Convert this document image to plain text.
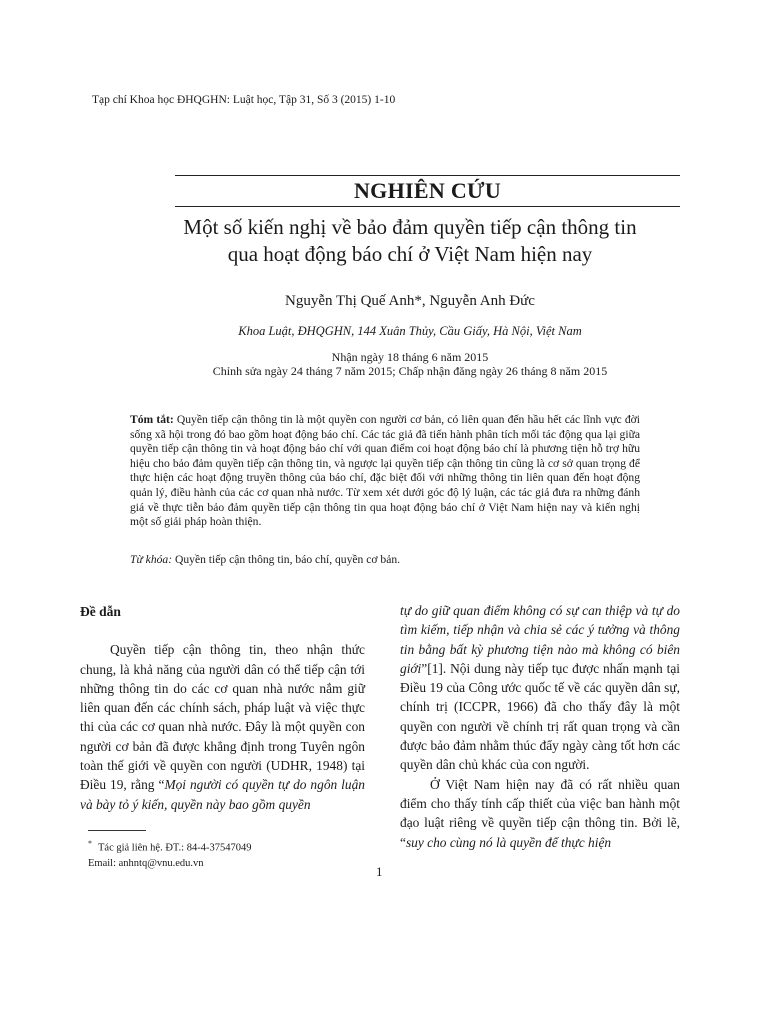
Tạp chí Khoa học ĐHQGHN: Luật học, Tập 31, Số 3 (2015) 1-10
NGHIÊN CỨU
Một số kiến nghị về bảo đảm quyền tiếp cận thông tin
qua hoạt động báo chí ở Việt Nam hiện nay
Nguyễn Thị Quế Anh*, Nguyễn Anh Đức
Khoa Luật, ĐHQGHN, 144 Xuân Thủy, Cầu Giấy, Hà Nội, Việt Nam
Nhận ngày 18 tháng 6 năm 2015
Chỉnh sửa ngày 24 tháng 7 năm 2015; Chấp nhận đăng ngày 26 tháng 8 năm 2015
Tóm tắt: Quyền tiếp cận thông tin là một quyền con người cơ bản, có liên quan đến hầu hết các lĩnh vực đời sống xã hội trong đó bao gồm hoạt động báo chí. Các tác giả đã tiến hành phân tích mối tác động qua lại giữa quyền tiếp cận thông tin và hoạt động báo chí với quan điểm coi hoạt động báo chí là phương tiện hỗ trợ hữu hiệu cho bảo đảm quyền tiếp cận thông tin, và ngược lại quyền tiếp cận thông tin cũng là cơ sở quan trọng để thực hiện các hoạt động truyền thông của báo chí, đặc biệt đối với những thông tin liên quan đến hoạt động quản lý, điều hành của các cơ quan nhà nước. Từ xem xét dưới góc độ lý luận, các tác giả đưa ra những đánh giá về thực tiễn bảo đảm quyền tiếp cận thông tin qua hoạt động báo chí ở Việt Nam hiện nay và kiến nghị một số giải pháp hoàn thiện.
Từ khóa: Quyền tiếp cận thông tin, báo chí, quyền cơ bản.

Đề dẫn

Quyền tiếp cận thông tin, theo nhận thức chung, là khả năng của người dân có thể tiếp cận tới những thông tin do các cơ quan nhà nước nắm giữ liên quan đến các chính sách, pháp luật và việc thực thi của các cơ quan nhà nước. Đây là một quyền con người cơ bản đã được khẳng định trong Tuyên ngôn toàn thế giới về quyền con người (UDHR, 1948) tại Điều 19, rằng “Mọi người có quyền tự do ngôn luận và bày tỏ ý kiến, quyền này bao gồm quyền

tự do giữ quan điểm không có sự can thiệp và tự do tìm kiếm, tiếp nhận và chia sẻ các ý tưởng và thông tin bằng bất kỳ phương tiện nào mà không có biên giới”[1]. Nội dung này tiếp tục được nhấn mạnh tại Điều 19 của Công ước quốc tế về các quyền dân sự, chính trị (ICCPR, 1966) đã cho thấy đây là một quyền con người về chính trị rất quan trọng và cần được bảo đảm nhằm thúc đẩy ngày càng tốt hơn các quyền dân chủ khác của con người.

Ở Việt Nam hiện nay đã có rất nhiều quan điểm cho thấy tính cấp thiết của việc ban hành một đạo luật riêng về quyền tiếp cận thông tin. Bởi lẽ, “suy cho cùng nó là quyền để thực hiện

* Tác giả liên hệ. ĐT.: 84-4-37547049
Email: anhntq@vnu.edu.vn
1
